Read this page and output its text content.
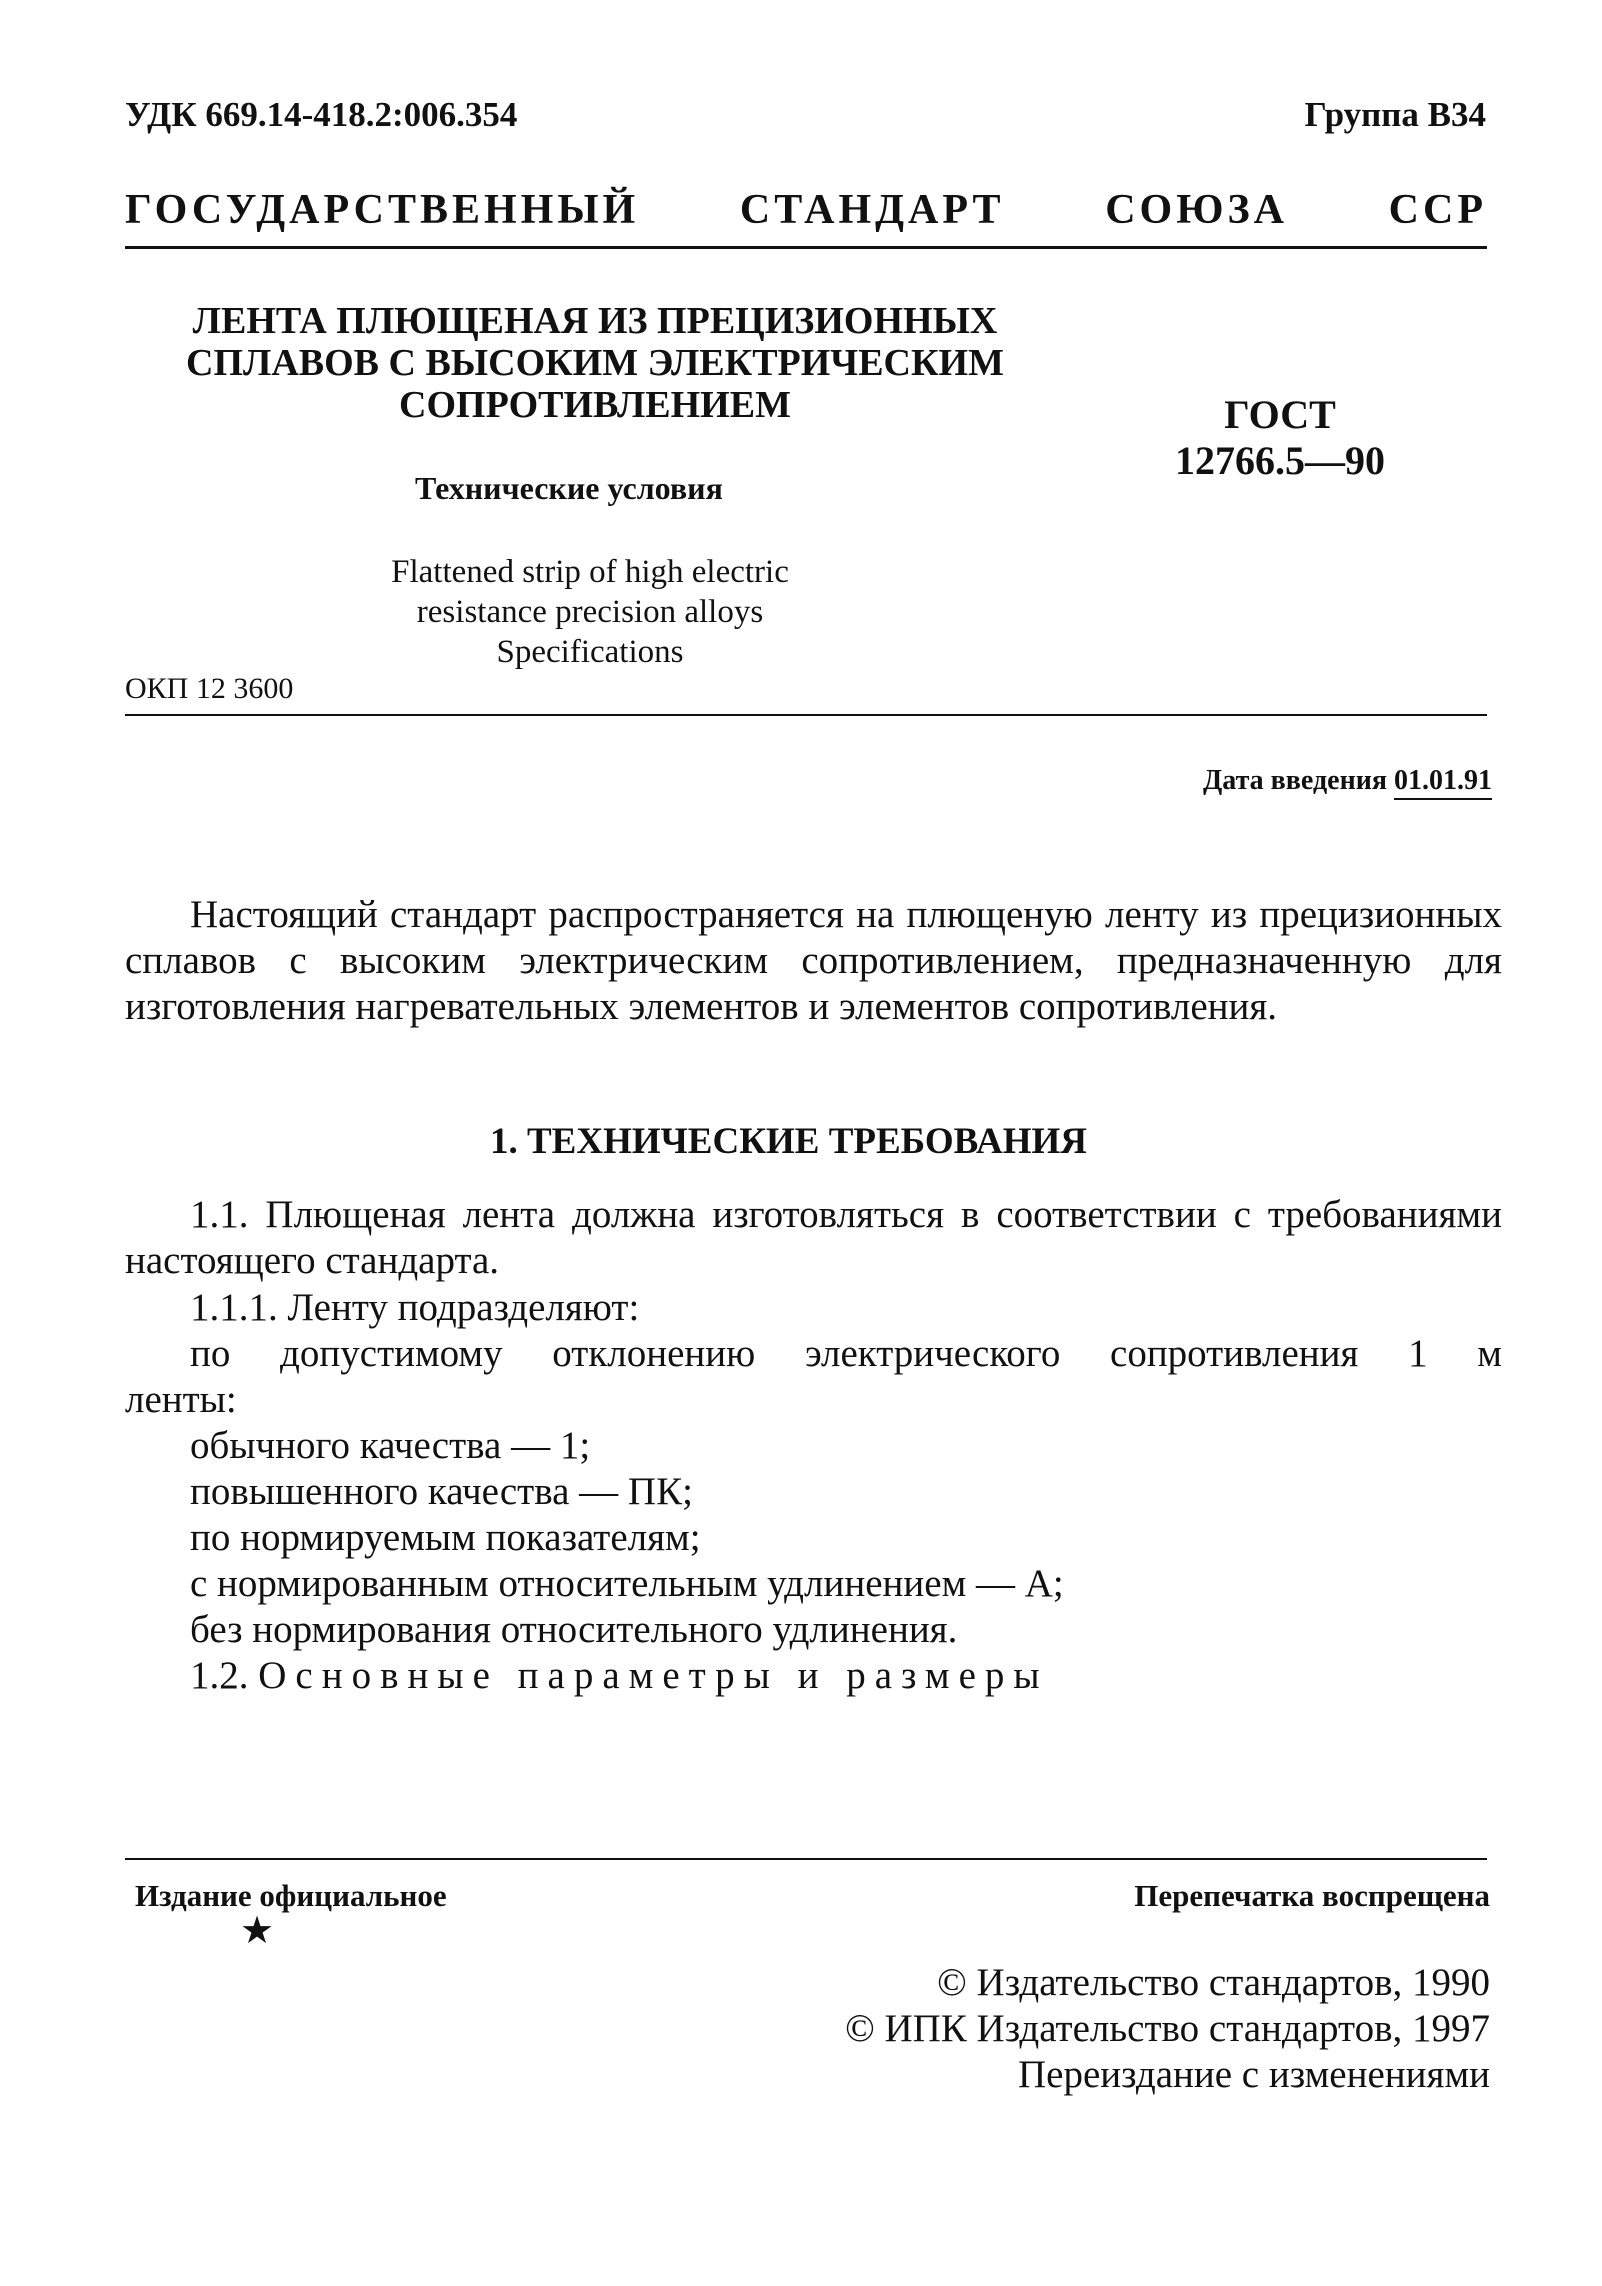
УДК 669.14-418.2:006.354	Группа В34
ГОСУДАРСТВЕННЫЙ СТАНДАРТ СОЮЗА ССР
ЛЕНТА ПЛЮЩЕНАЯ ИЗ ПРЕЦИЗИОННЫХ
СПЛАВОВ С ВЫСОКИМ ЭЛЕКТРИЧЕСКИМ
СОПРОТИВЛЕНИЕМ
Технические условия
Flattened strip of high electric
resistance precision alloys
Specifications
ОКП 12 3600
ГОСТ
12766.5—90
Дата введения 01.01.91
Настоящий стандарт распространяется на плющеную ленту из прецизионных сплавов с высоким электрическим сопротивлением, предназначенную для изготовления нагревательных элементов и элементов сопротивления.
1. ТЕХНИЧЕСКИЕ ТРЕБОВАНИЯ
1.1. Плющеная лента должна изготовляться в соответствии с требованиями настоящего стандарта.
1.1.1. Ленту подразделяют:
по допустимому отклонению электрического сопротивления 1 м
ленты:
обычного качества — 1;
повышенного качества — ПК;
по нормируемым показателям;
с нормированным относительным удлинением — А;
без нормирования относительного удлинения.
1.2. Основные параметры и размеры
Издание официальное
★
Перепечатка воспрещена
© Издательство стандартов, 1990
© ИПК Издательство стандартов, 1997
Переиздание с изменениями
